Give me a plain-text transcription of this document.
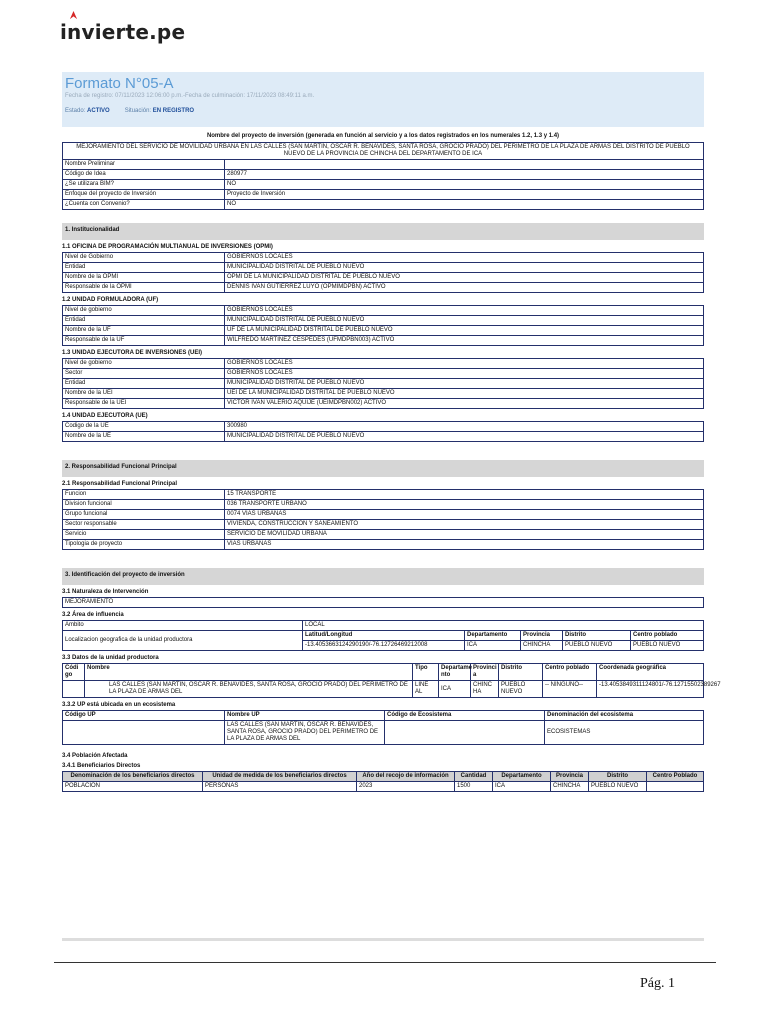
invierte.pe
Formato N°05-A
Fecha de registro: 07/11/2023 12:06:00 p.m.-Fecha de culminación: 17/11/2023 08:49:11 a.m.
Estado: ACTIVO	Situación: EN REGISTRO
Nombre del proyecto de inversión (generada en función al servicio y a los datos registrados en los numerales 1.2, 1.3 y 1.4)
MEJORAMIENTO DEL SERVICIO DE MOVILIDAD URBANA EN LAS CALLES (SAN MARTIN, OSCAR R. BENAVIDES, SANTA ROSA, GROCIO PRADO) DEL PERIMETRO DE LA PLAZA DE ARMAS DEL DISTRITO DE PUEBLO NUEVO DE LA PROVINCIA DE CHINCHA DEL DEPARTAMENTO DE ICA	
Nombre Preliminar	
Código de Idea	280977
¿Se utilizara BIM?	NO
Enfoque del proyecto de Inversión	Proyecto de Inversión
¿Cuenta con Convenio?	NO
1. Institucionalidad
1.1 OFICINA DE PROGRAMACIÓN MULTIANUAL DE INVERSIONES (OPMI)
Nivel de Gobierno	GOBIERNOS LOCALES
Entidad	MUNICIPALIDAD DISTRITAL DE PUEBLO NUEVO
Nombre de la OPMI	OPMI DE LA MUNICIPALIDAD DISTRITAL DE PUEBLO NUEVO
Responsable de la OPMI	DENNIS IVAN GUTIERREZ LUYO (OPMIMDPBN) ACTIVO
1.2 UNIDAD FORMULADORA (UF)
Nivel de gobierno	GOBIERNOS LOCALES
Entidad	MUNICIPALIDAD DISTRITAL DE PUEBLO NUEVO
Nombre de la UF	UF DE LA MUNICIPALIDAD DISTRITAL DE PUEBLO NUEVO
Responsable de la UF	WILFREDO MARTINEZ CESPEDES (UFMDPBN003) ACTIVO
1.3 UNIDAD EJECUTORA DE INVERSIONES (UEI)
Nivel de gobierno	GOBIERNOS LOCALES
Sector	GOBIERNOS LOCALES
Entidad	MUNICIPALIDAD DISTRITAL DE PUEBLO NUEVO
Nombre de la UEI	UEI DE LA MUNICIPALIDAD DISTRITAL DE PUEBLO NUEVO
Responsable de la UEI	VICTOR IVAN VALERIO AQUIJE (UEIMDPBN002) ACTIVO
1.4 UNIDAD EJECUTORA (UE)
Codigo de la UE	300980
Nombre de la UE	MUNICIPALIDAD DISTRITAL DE PUEBLO NUEVO
2. Responsabilidad Funcional Principal
2.1 Responsabilidad Funcional Principal
Funcion	15 TRANSPORTE
Division funcional	036 TRANSPORTE URBANO
Grupo funcional	0074 VIAS URBANAS
Sector responsable	VIVIENDA, CONSTRUCCION Y SANEAMIENTO
Servicio	SERVICIO DE MOVILIDAD URBANA
Tipologia de proyecto	VIAS URBANAS
3. Identificación del proyecto de inversión
3.1 Naturaleza de Intervención
MEJORAMIENTO
3.2 Área de influencia
Ambito	LOCAL				
Localizacion geografica de la unidad productora	Latitud/Longitud	Departamento	Provincia	Distrito	Centro poblado
	-13.4053663124290190/-76.12726469212008	ICA	CHINCHA	PUEBLO NUEVO	PUEBLO NUEVO
3.3 Datos de la unidad productora
Códi go	Nombre	Tipo	Departame nto	Provinci a	Distrito	Centro poblado	Coordenada geográfica
	LAS CALLES (SAN MARTIN, OSCAR R. BENAVIDES, SANTA ROSA, GROCIO PRADO) DEL PERIMETRO DE LA PLAZA DE ARMAS DEL	LINE AL	ICA	CHINC HA	PUEBLO NUEVO	-- NINGUNO--	-13.4053849311124801/-76.12715502389267
3.3.2 UP está ubicada en un ecosistema
Código UP	Nombre UP	Código de Ecosistema	Denominación del ecosistema
	LAS CALLES (SAN MARTIN, OSCAR R. BENAVIDES, SANTA ROSA, GROCIO PRADO) DEL PERIMETRO DE LA PLAZA DE ARMAS DEL		ECOSISTEMAS
3.4 Población Afectada
3.4.1 Beneficiarios Directos
Denominación de los beneficiarios directos	Unidad de medida de los beneficiarios directos	Año del recojo de información	Cantidad	Departamento	Provincia	Distrito	Centro Poblado
POBLACION	PERSONAS	2023	1500	ICA	CHINCHA	PUEBLO NUEVO	
Pág. 1
